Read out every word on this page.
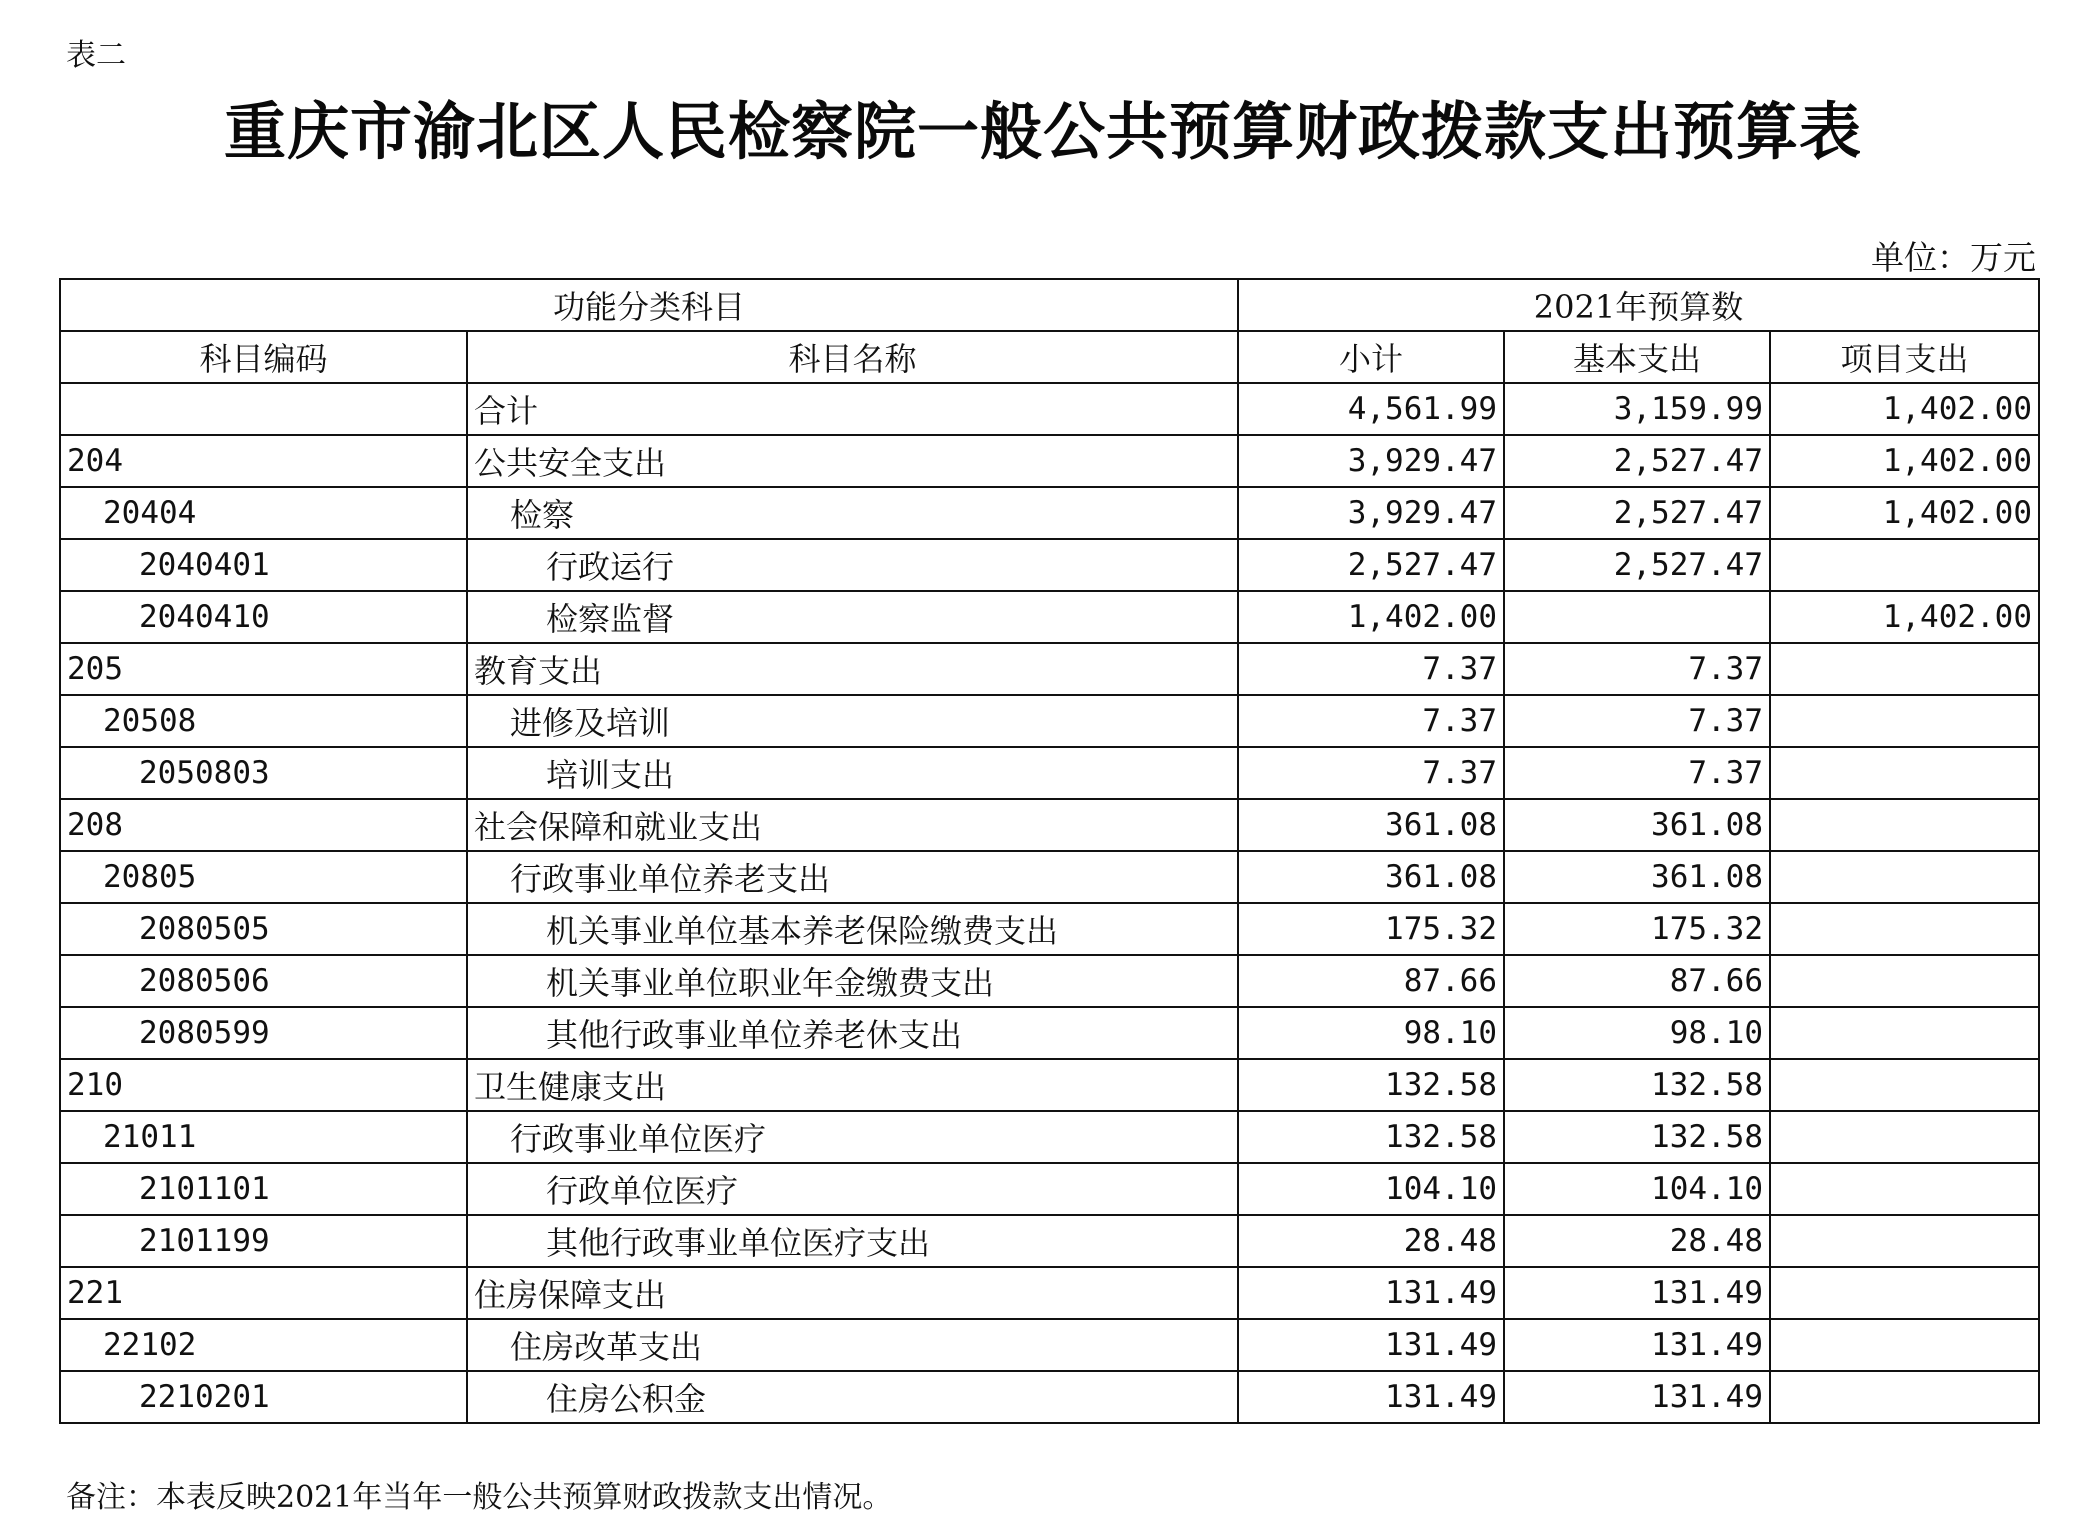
表二
重庆市渝北区人民检察院一般公共预算财政拨款支出预算表
单位：万元
功能分类科目		2021年预算数		
科目编码	科目名称	小计	基本支出	项目支出
	合计	4,561.99	3,159.99	1,402.00
204	公共安全支出	3,929.47	2,527.47	1,402.00
20404	检察	3,929.47	2,527.47	1,402.00
2040401	行政运行	2,527.47	2,527.47	
2040410	检察监督	1,402.00		1,402.00
205	教育支出	7.37	7.37	
20508	进修及培训	7.37	7.37	
2050803	培训支出	7.37	7.37	
208	社会保障和就业支出	361.08	361.08	
20805	行政事业单位养老支出	361.08	361.08	
2080505	机关事业单位基本养老保险缴费支出	175.32	175.32	
2080506	机关事业单位职业年金缴费支出	87.66	87.66	
2080599	其他行政事业单位养老休支出	98.10	98.10	
210	卫生健康支出	132.58	132.58	
21011	行政事业单位医疗	132.58	132.58	
2101101	行政单位医疗	104.10	104.10	
2101199	其他行政事业单位医疗支出	28.48	28.48	
221	住房保障支出	131.49	131.49	
22102	住房改革支出	131.49	131.49	
2210201	住房公积金	131.49	131.49	
备注：本表反映2021年当年一般公共预算财政拨款支出情况。
